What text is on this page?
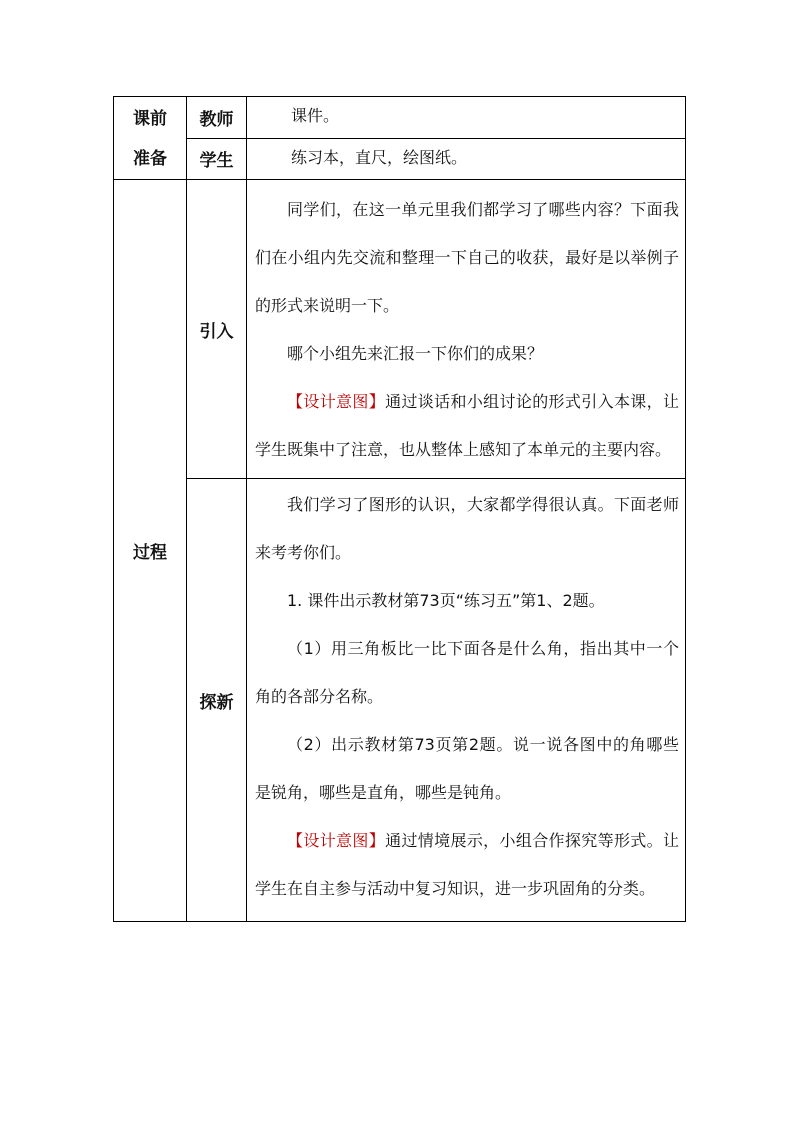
课前
准备	教师	课件。
	学生	练习本，直尺，绘图纸。
过程	引入	同学们，在这一单元里我们都学习了哪些内容？下面我们在小组内先交流和整理一下自己的收获，最好是以举例子的形式来说明一下。

哪个小组先来汇报一下你们的成果？

【设计意图】通过谈话和小组讨论的形式引入本课，让学生既集中了注意，也从整体上感知了本单元的主要内容。

	探新	我们学习了图形的认识，大家都学得很认真。下面老师来考考你们。

1. 课件出示教材第73页“练习五”第1、2题。

（1）用三角板比一比下面各是什么角，指出其中一个角的各部分名称。

（2）出示教材第73页第2题。说一说各图中的角哪些是锐角，哪些是直角，哪些是钝角。

【设计意图】通过情境展示，小组合作探究等形式。让学生在自主参与活动中复习知识，进一步巩固角的分类。
